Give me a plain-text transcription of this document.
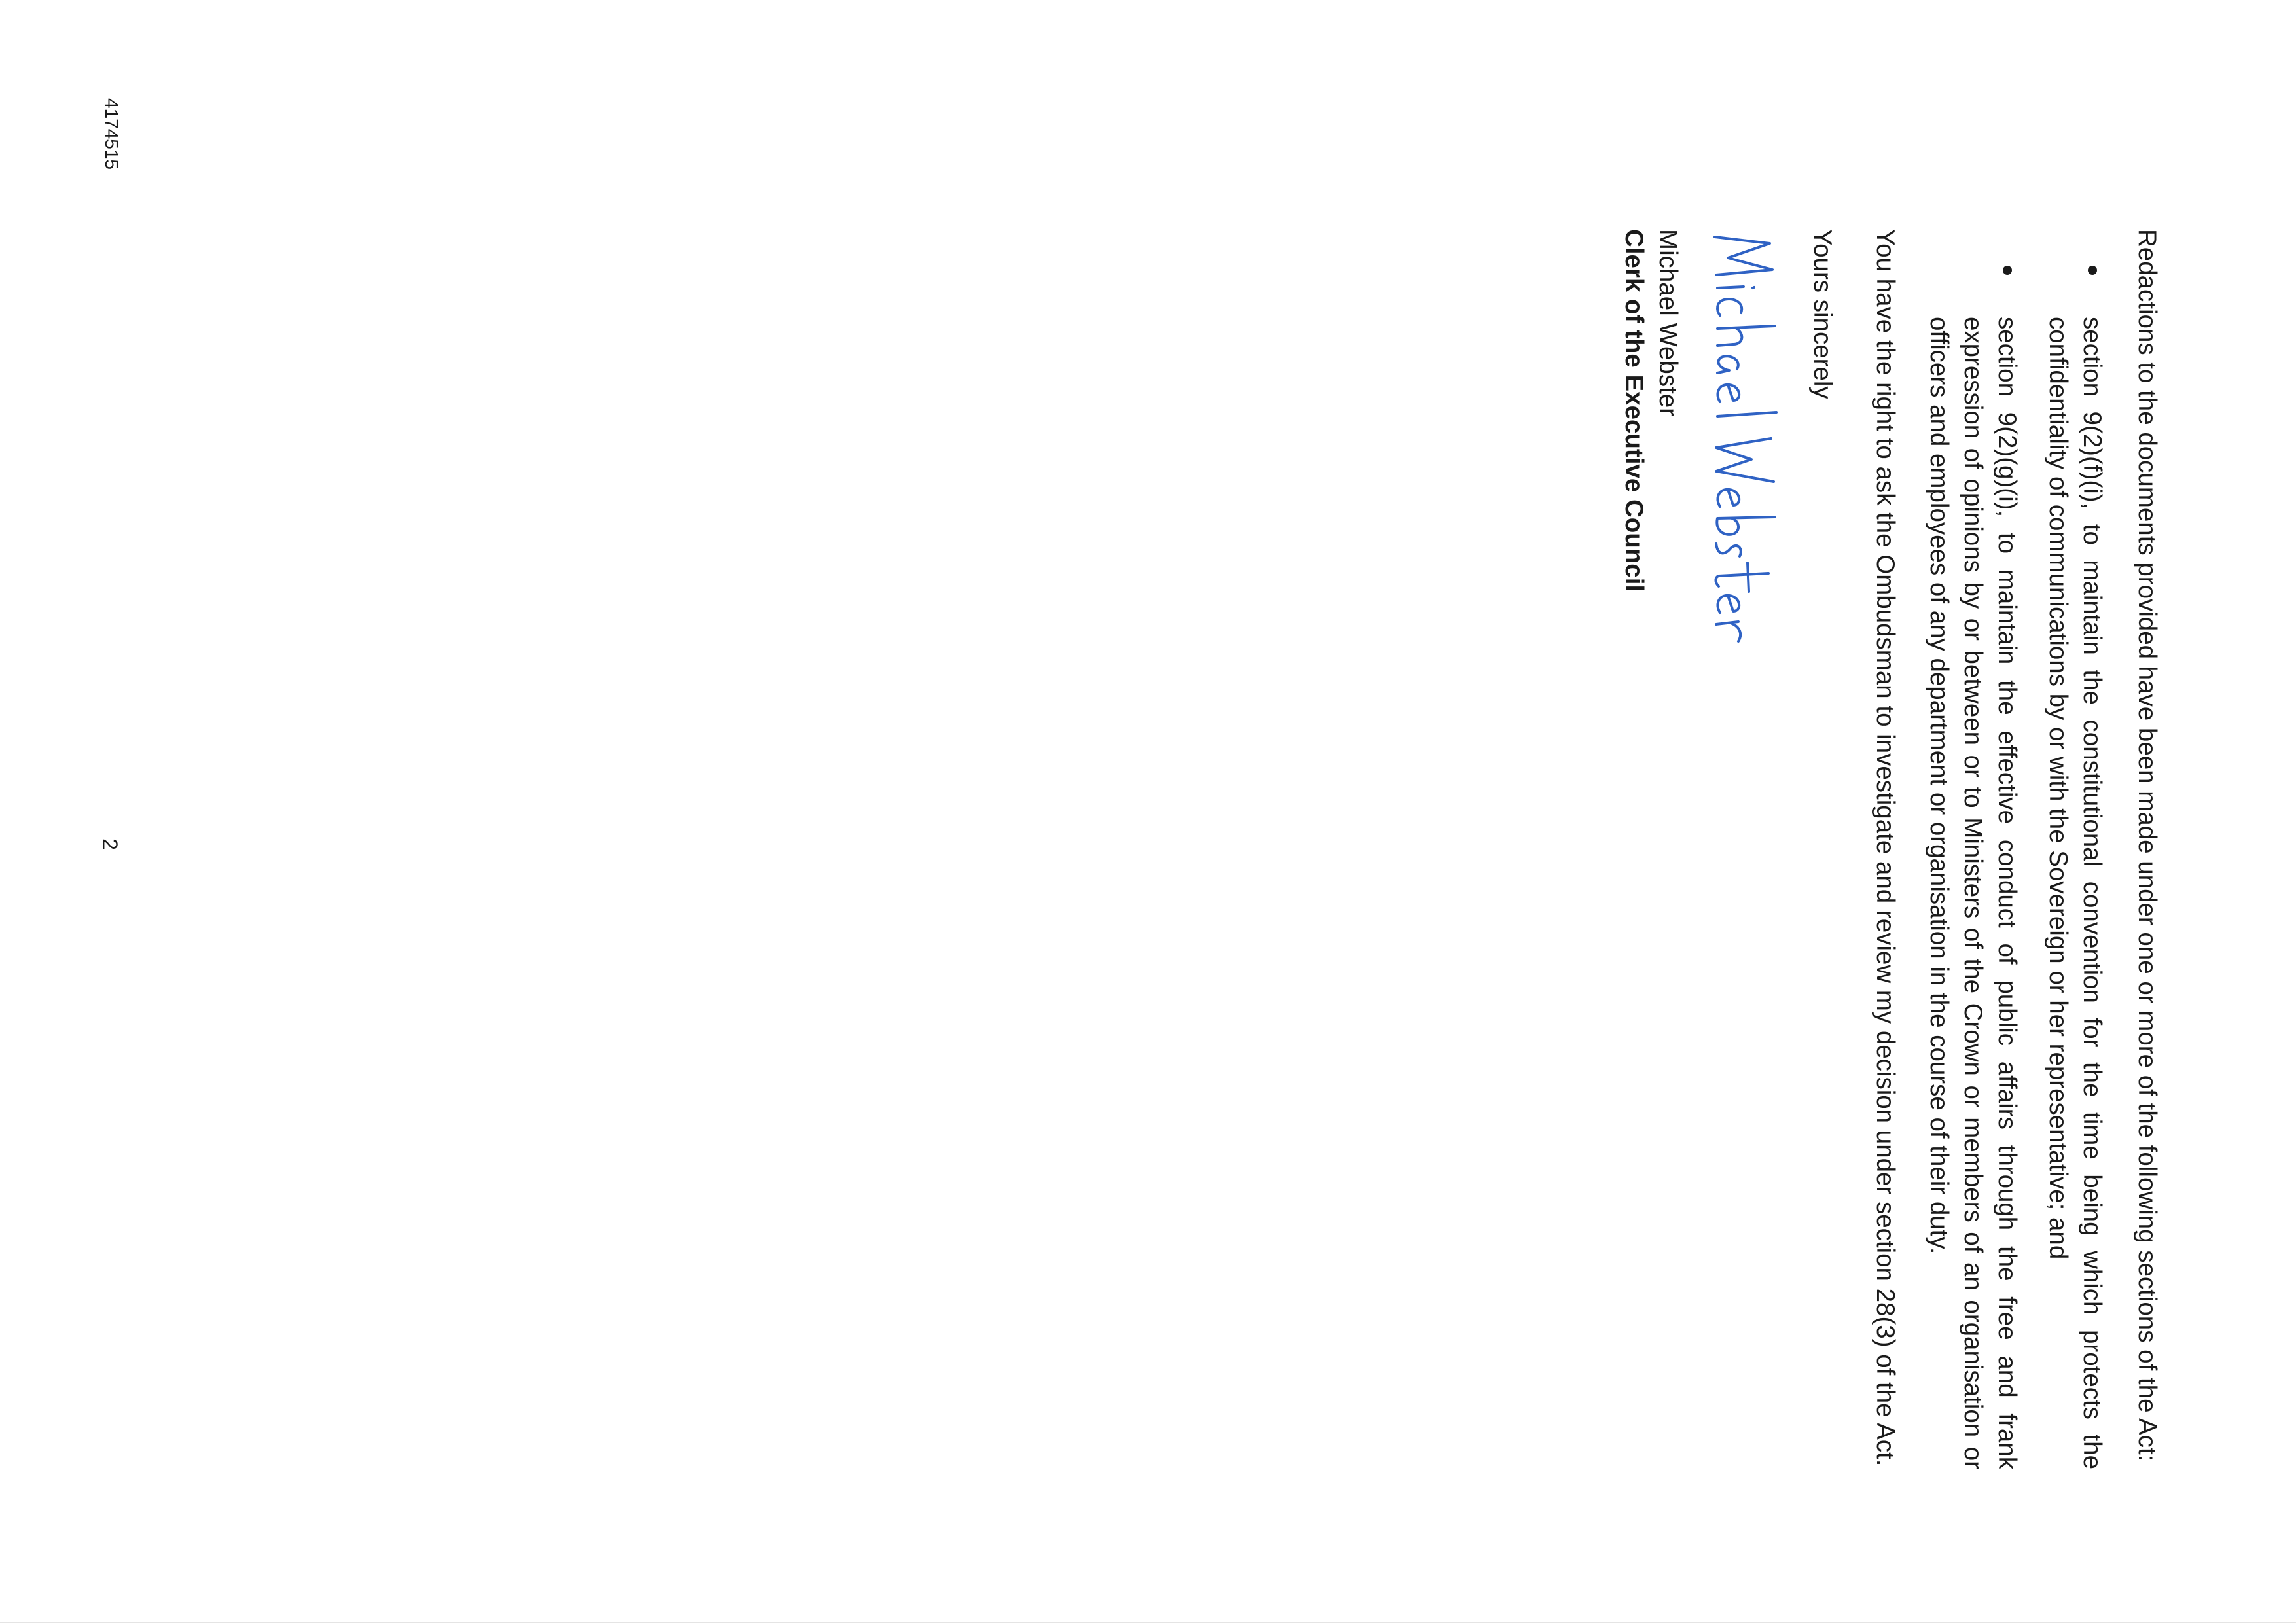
Redactions to the documents provided have been made under one or more of the following sections of the Act:

section 9(2)(f)(i), to maintain the constitutional convention for the time being which protects the confidentiality of communications by or with the Sovereign or her representative; and
section 9(2)(g)(i), to maintain the effective conduct of public affairs through the free and frank expression of opinions by or between or to Ministers of the Crown or members of an organisation or officers and employees of any department or organisation in the course of their duty.

You have the right to ask the Ombudsman to investigate and review my decision under section 28(3) of the Act.

Yours sincerely

Michael Webster

Clerk of the Executive Council

2
4174515
